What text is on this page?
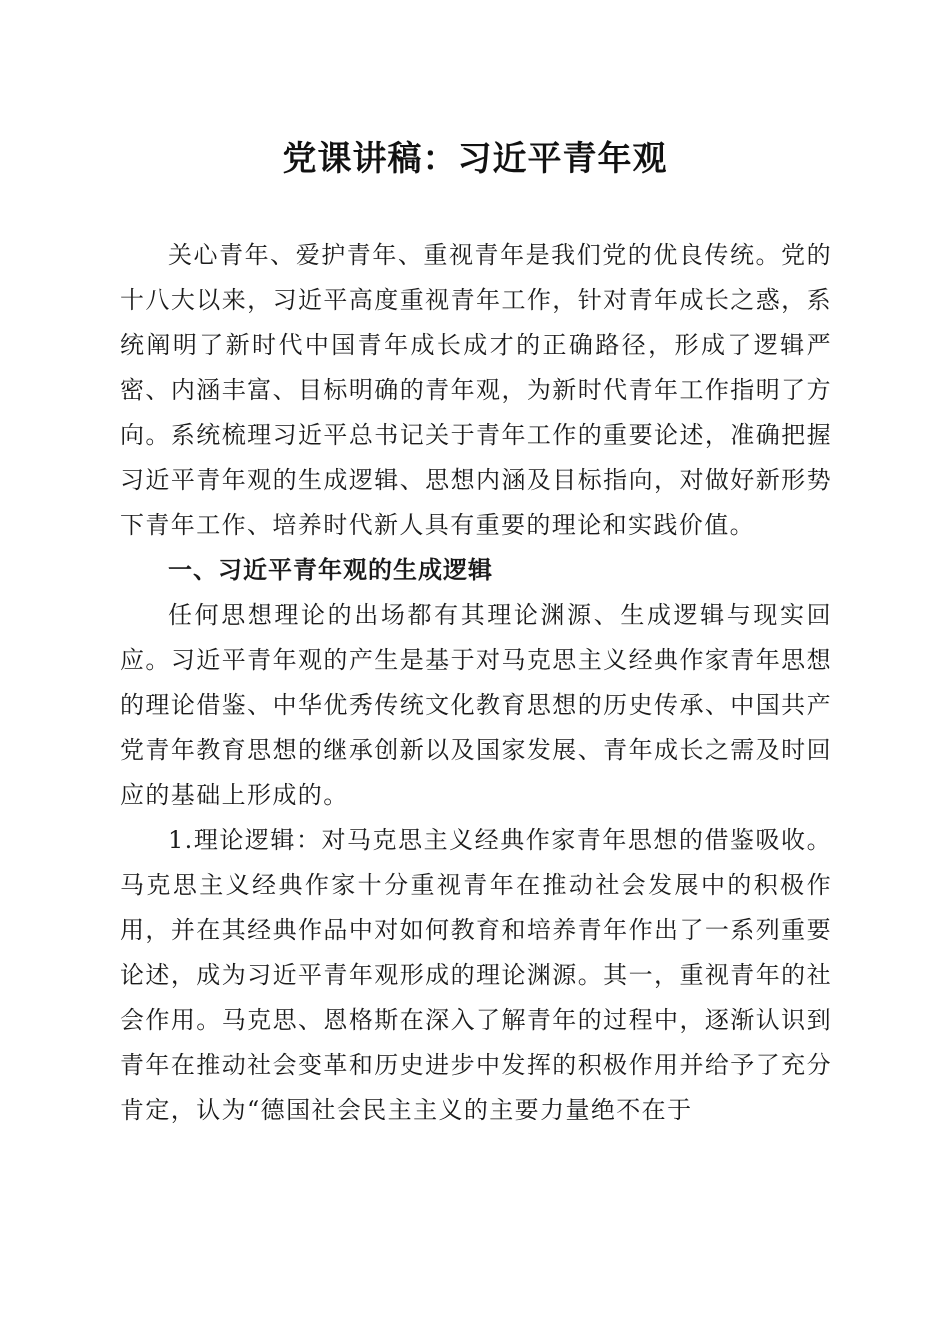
党课讲稿：习近平青年观

关心青年、爱护青年、重视青年是我们党的优良传统。党的十八大以来，习近平高度重视青年工作，针对青年成长之惑，系统阐明了新时代中国青年成长成才的正确路径，形成了逻辑严密、内涵丰富、目标明确的青年观，为新时代青年工作指明了方向。系统梳理习近平总书记关于青年工作的重要论述，准确把握习近平青年观的生成逻辑、思想内涵及目标指向，对做好新形势下青年工作、培养时代新人具有重要的理论和实践价值。

一、习近平青年观的生成逻辑

任何思想理论的出场都有其理论渊源、生成逻辑与现实回应。习近平青年观的产生是基于对马克思主义经典作家青年思想的理论借鉴、中华优秀传统文化教育思想的历史传承、中国共产党青年教育思想的继承创新以及国家发展、青年成长之需及时回应的基础上形成的。

1.理论逻辑：对马克思主义经典作家青年思想的借鉴吸收。马克思主义经典作家十分重视青年在推动社会发展中的积极作用，并在其经典作品中对如何教育和培养青年作出了一系列重要论述，成为习近平青年观形成的理论渊源。其一，重视青年的社会作用。马克思、恩格斯在深入了解青年的过程中，逐渐认识到青年在推动社会变革和历史进步中发挥的积极作用并给予了充分肯定，认为“德国社会民主主义的主要力量绝不在于
